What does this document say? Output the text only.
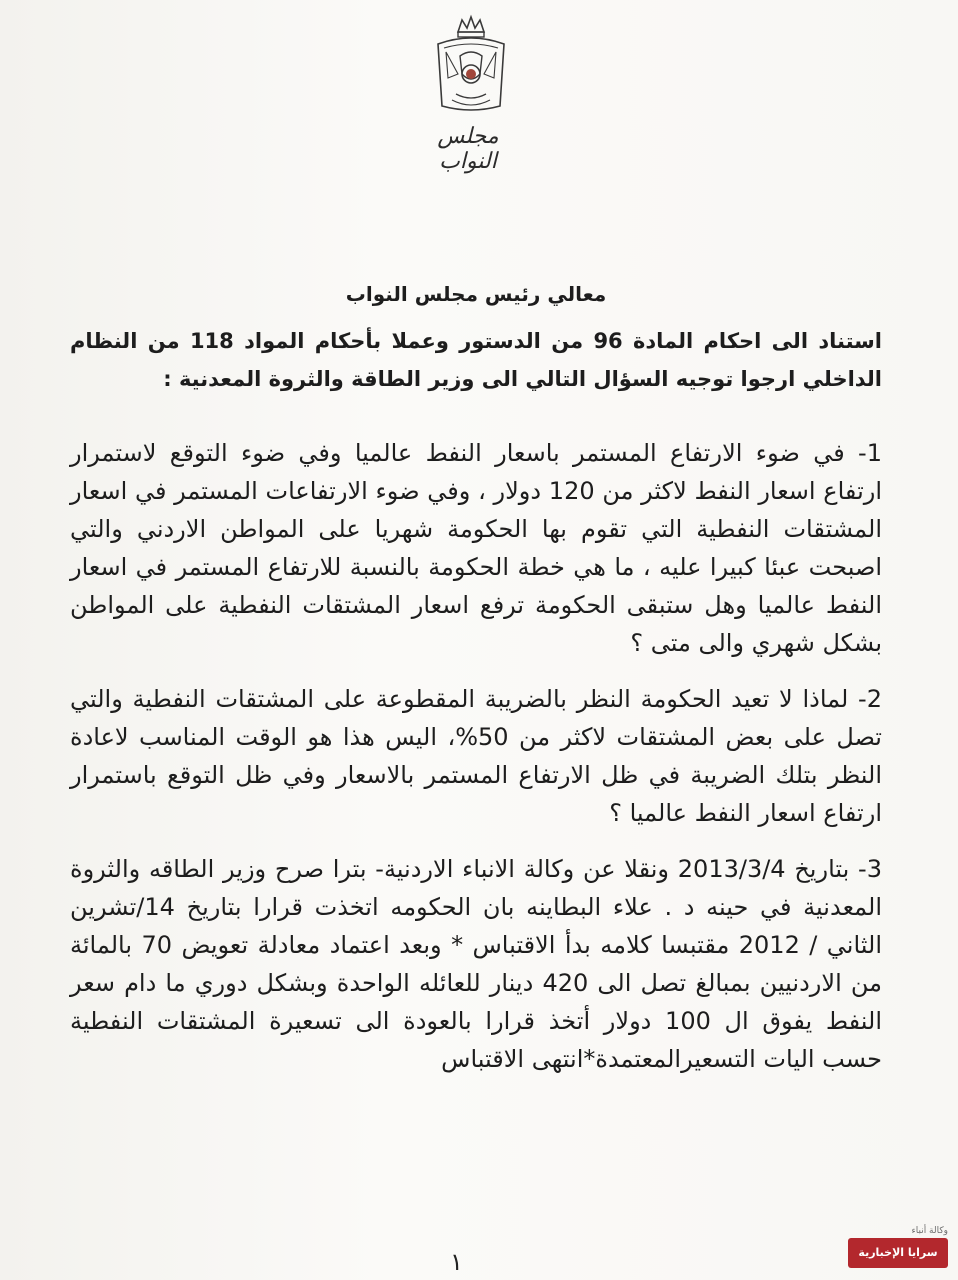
مجلس النواب

معالي رئيس مجلس النواب

استناد الى احكام المادة 96 من الدستور وعملا بأحكام المواد 118 من النظام الداخلي ارجوا توجيه السؤال التالي الى وزير الطاقة والثروة المعدنية :

1- في ضوء الارتفاع المستمر باسعار النفط عالميا وفي ضوء التوقع لاستمرار ارتفاع اسعار النفط لاكثر من 120 دولار ، وفي ضوء الارتفاعات المستمر في اسعار المشتقات النفطية التي تقوم بها الحكومة شهريا على المواطن الاردني والتي اصبحت عبئا كبيرا عليه ، ما هي خطة الحكومة بالنسبة للارتفاع المستمر في اسعار النفط عالميا وهل ستبقى الحكومة ترفع اسعار المشتقات النفطية على المواطن بشكل شهري والى متى ؟

2- لماذا لا تعيد الحكومة النظر بالضريبة المقطوعة على المشتقات النفطية والتي تصل على بعض المشتقات لاكثر من 50%، اليس هذا هو الوقت المناسب لاعادة النظر بتلك الضريبة في ظل الارتفاع المستمر بالاسعار وفي ظل التوقع باستمرار ارتفاع اسعار النفط عالميا ؟

3- بتاريخ 2013/3/4 ونقلا عن وكالة الانباء الاردنية- بترا صرح وزير الطاقه والثروة المعدنية في حينه د . علاء البطاينه بان الحكومه اتخذت قرارا بتاريخ 14/تشرين الثاني / 2012 مقتبسا كلامه بدأ الاقتباس * وبعد اعتماد معادلة تعويض 70 بالمائة من الاردنيين بمبالغ تصل الى 420 دينار للعائله الواحدة وبشكل دوري ما دام سعر النفط يفوق ال 100 دولار أتخذ قرارا بالعودة الى تسعيرة المشتقات النفطية حسب اليات التسعيرالمعتمدة*انتهى الاقتباس

١
وكالة أنباء
سرايا الإخبارية
